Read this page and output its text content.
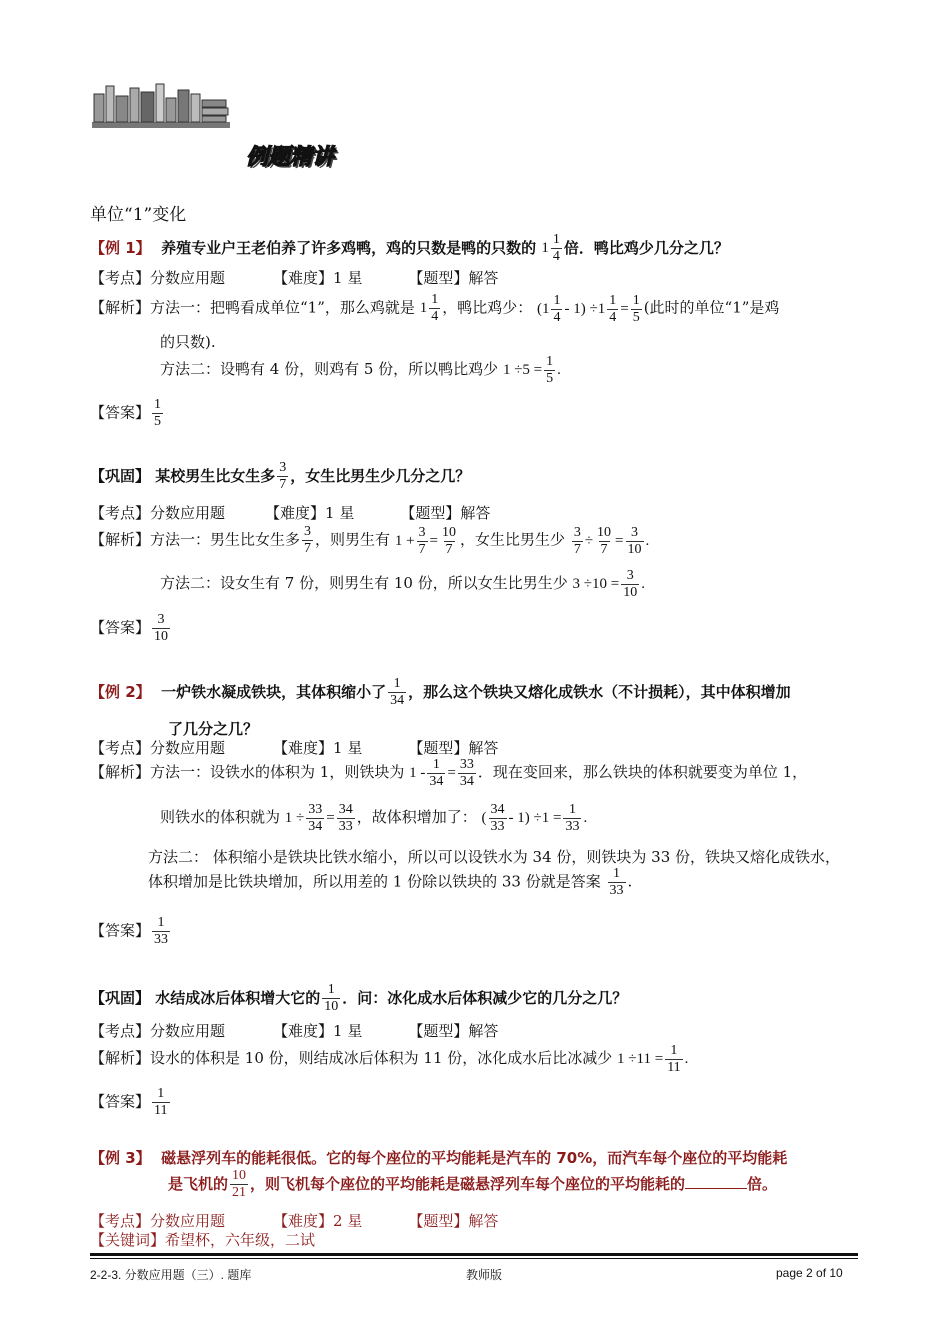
例题精讲
单位“1”变化
【例 1】 养殖专业户王老伯养了许多鸡鸭，鸡的只数是鸭的只数的 $1 \frac{1}{4}$ 倍．鸭比鸡少几分之几？
【考点】分数应用题	【难度】1 星	【题型】解答
【解析】方法一：把鸭看成单位“1”，那么鸡就是 $1 \frac{1}{4}$ ，鸭比鸡少： $(1 \frac{1}{4} - 1) \div 1 \frac{1}{4} = \frac{1}{5}$ (此时的单位“1”是鸡
的只数).
方法二：设鸭有 4 份，则鸡有 5 份，所以鸭比鸡少 $1 \div 5 = \frac{1}{5}$ .
【答案】 $\frac{1}{5}$
【巩固】 某校男生比女生多 $\frac{3}{7}$ ，女生比男生少几分之几？
【考点】分数应用题	【难度】1 星	【题型】解答
【解析】方法一：男生比女生多 $\frac{3}{7}$ ，则男生有 $1 + \frac{3}{7} = \frac{10}{7}$ ，女生比男生少 $\frac{3}{7} \div \frac{10}{7} = \frac{3}{10}$ .
方法二：设女生有 7 份，则男生有 10 份，所以女生比男生少 $3 \div 10 = \frac{3}{10}$ .
【答案】 $\frac{3}{10}$
【例 2】 一炉铁水凝成铁块，其体积缩小了 $\frac{1}{34}$ ，那么这个铁块又熔化成铁水（不计损耗），其中体积增加
了几分之几？
【考点】分数应用题	【难度】1 星	【题型】解答
【解析】方法一：设铁水的体积为 1，则铁块为 $1 - \frac{1}{34} = \frac{33}{34}$ ．现在变回来，那么铁块的体积就要变为单位 1，
则铁水的体积就为 $1 \div \frac{33}{34} = \frac{34}{33}$ ，故体积增加了： ( $\frac{34}{33} - 1) \div 1 = \frac{1}{33}$ .
方法二： 体积缩小是铁块比铁水缩小，所以可以设铁水为 34 份，则铁块为 33 份，铁块又熔化成铁水，
体积增加是比铁块增加，所以用差的 1 份除以铁块的 33 份就是答案 $\frac{1}{33}$ .
【答案】 $\frac{1}{33}$
【巩固】 水结成冰后体积增大它的 $\frac{1}{10}$ ．问：冰化成水后体积减少它的几分之几？
【考点】分数应用题	【难度】1 星	【题型】解答
【解析】设水的体积是 10 份，则结成冰后体积为 11 份，冰化成水后比冰减少 $1 \div 11 = \frac{1}{11}$ .
【答案】 $\frac{1}{11}$
【例 3】 磁悬浮列车的能耗很低。它的每个座位的平均能耗是汽车的 70%，而汽车每个座位的平均能耗
是飞机的 $\frac{10}{21}$ ，则飞机每个座位的平均能耗是磁悬浮列车每个座位的平均能耗的	倍。
【考点】分数应用题	【难度】2 星	【题型】解答
【关键词】希望杯，六年级，二试
2-2-3. 分数应用题（三）. 题库	教师版	page 2 of 10
